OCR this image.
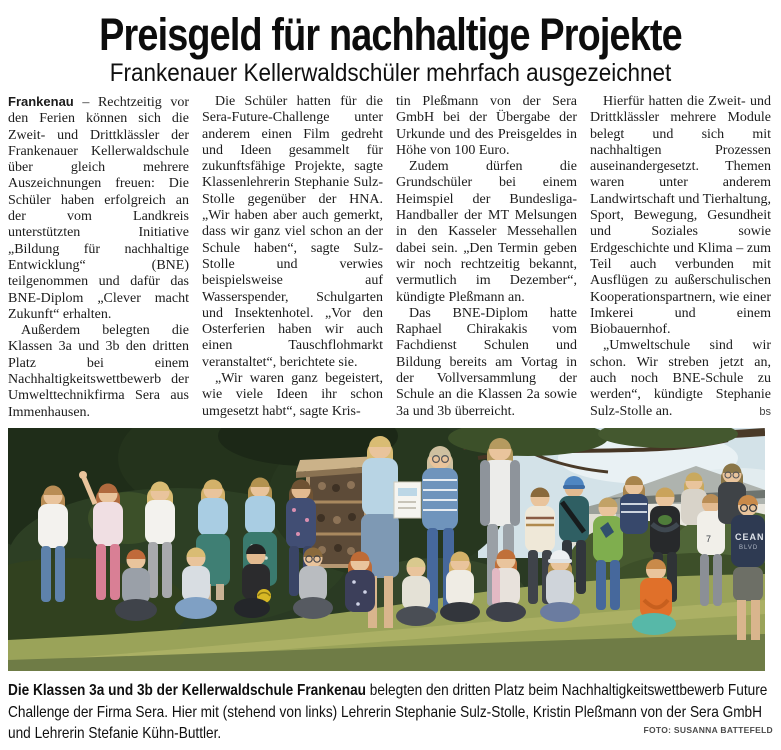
Preisgeld für nachhaltige Projekte
Frankenauer Kellerwaldschüler mehrfach ausgezeichnet

Frankenau – Rechtzeitig vor den Ferien können sich die Zweit- und Drittklässler der Frankenauer Kellerwaldschule über gleich mehrere Auszeichnungen freuen: Die Schüler haben erfolgreich an der vom Landkreis unterstützten Initiative „Bildung für nachhaltige Entwicklung“ (BNE) teilgenommen und dafür das BNE-Diplom „Clever macht Zukunft“ erhalten.

Außerdem belegten die Klassen 3a und 3b den dritten Platz bei einem Nachhaltigkeitswettbewerb der Umwelttechnikfirma Sera aus Immenhausen.

Die Schüler hatten für die Sera-Future-Challenge unter anderem einen Film gedreht und Ideen gesammelt für zukunftsfähige Projekte, sagte Klassenlehrerin Stephanie Sulz-Stolle gegenüber der HNA. „Wir haben aber auch gemerkt, dass wir ganz viel schon an der Schule haben“, sagte Sulz-Stolle und verwies beispielsweise auf Wasserspender, Schulgarten und Insektenhotel. „Vor den Osterferien haben wir auch einen Tauschflohmarkt veranstaltet“, berichtete sie.

„Wir waren ganz begeistert, wie viele Ideen ihr schon umgesetzt habt“, sagte Kris-

tin Pleßmann von der Sera GmbH bei der Übergabe der Urkunde und des Preisgeldes in Höhe von 100 Euro.

Zudem dürfen die Grundschüler bei einem Heimspiel der Bundesliga-Handballer der MT Melsungen in den Kasseler Messehallen dabei sein. „Den Termin geben wir noch rechtzeitig bekannt, vermutlich im Dezember“, kündigte Pleßmann an.

Das BNE-Diplom hatte Raphael Chirakakis vom Fachdienst Schulen und Bildung bereits am Vortag in der Vollversammlung der Schule an die Klassen 2a sowie 3a und 3b überreicht.

Hierfür hatten die Zweit- und Drittklässler mehrere Module belegt und sich mit nachhaltigen Prozessen auseinandergesetzt. Themen waren unter anderem Landwirtschaft und Tierhaltung, Sport, Bewegung, Gesundheit und Soziales sowie Erdgeschichte und Klima – zum Teil auch verbunden mit Ausflügen zu außerschulischen Kooperationspartnern, wie einer Imkerei und einem Biobauernhof.

„Umweltschule sind wir schon. Wir streben jetzt an, auch noch BNE-Schule zu werden“, kündigte Stephanie Sulz-Stolle an.	bs

7	CEAN
BLVD

Die Klassen 3a und 3b der Kellerwaldschule Frankenau belegten den dritten Platz beim Nachhaltigkeitswettbewerb Future Challenge der Firma Sera. Hier mit (stehend von links) Lehrerin Stephanie Sulz-Stolle, Kristin Pleßmann von der Sera GmbH und Lehrerin Stefanie Kühn-Buttler.	FOTO: SUSANNA BATTEFELD
